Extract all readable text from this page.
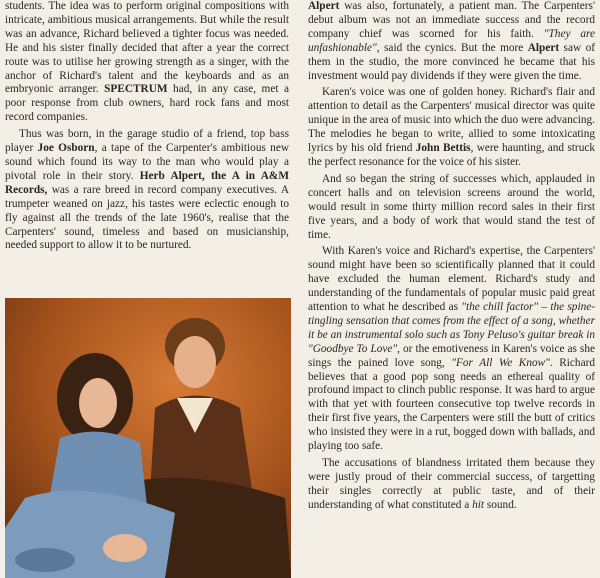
students. The idea was to perform original compositions with intricate, ambitious musical arrangements. But while the result was an advance, Richard believed a tighter focus was needed. He and his sister finally decided that after a year the correct route was to utilise her growing strength as a singer, with the anchor of Richard's talent and the keyboards and as an embryonic arranger. SPECTRUM had, in any case, met a poor response from club owners, hard rock fans and most record companies.

Thus was born, in the garage studio of a friend, top bass player Joe Osborn, a tape of the Carpenter's ambitious new sound which found its way to the man who would play a pivotal role in their story. Herb Alpert, the A in A&M Records, was a rare breed in record company executives. A trumpeter weaned on jazz, his tastes were eclectic enough to fly against all the trends of the late 1960's, realise that the Carpenters' sound, timeless and based on musicianship, needed support to allow it to be nurtured.

Alpert was also, fortunately, a patient man. The Carpenters' debut album was not an immediate success and the record company chief was scorned for his faith. "They are unfashionable", said the cynics. But the more Alpert saw of them in the studio, the more convinced he became that his investment would pay dividends if they were given the time.

Karen's voice was one of golden honey. Richard's flair and attention to detail as the Carpenters' musical director was quite unique in the area of music into which the duo were advancing. The melodies he began to write, allied to some intoxicating lyrics by his old friend John Bettis, were haunting, and struck the perfect resonance for the voice of his sister.

And so began the string of successes which, applauded in concert halls and on television screens around the world, would result in some thirty million record sales in their first five years, and a body of work that would stand the test of time.

With Karen's voice and Richard's expertise, the Carpenters' sound might have been so scientifically planned that it could have excluded the human element. Richard's study and understanding of the fundamentals of popular music paid great attention to what he described as "the chill factor" – the spine-tingling sensation that comes from the effect of a song, whether it be an instrumental solo such as Tony Peluso's guitar break in "Goodbye To Love", or the emotiveness in Karen's voice as she sings the pained love song, "For All We Know". Richard believes that a good pop song needs an ethereal quality of profound impact to clinch public response. It was hard to argue with that yet with fourteen consecutive top twelve records in their first five years, the Carpenters were still the butt of critics who insisted they were in a rut, bogged down with ballads, and playing too safe.

The accusations of blandness irritated them because they were justly proud of their commercial success, of targetting their singles correctly at public taste, and of their understanding of what constituted a hit sound.
